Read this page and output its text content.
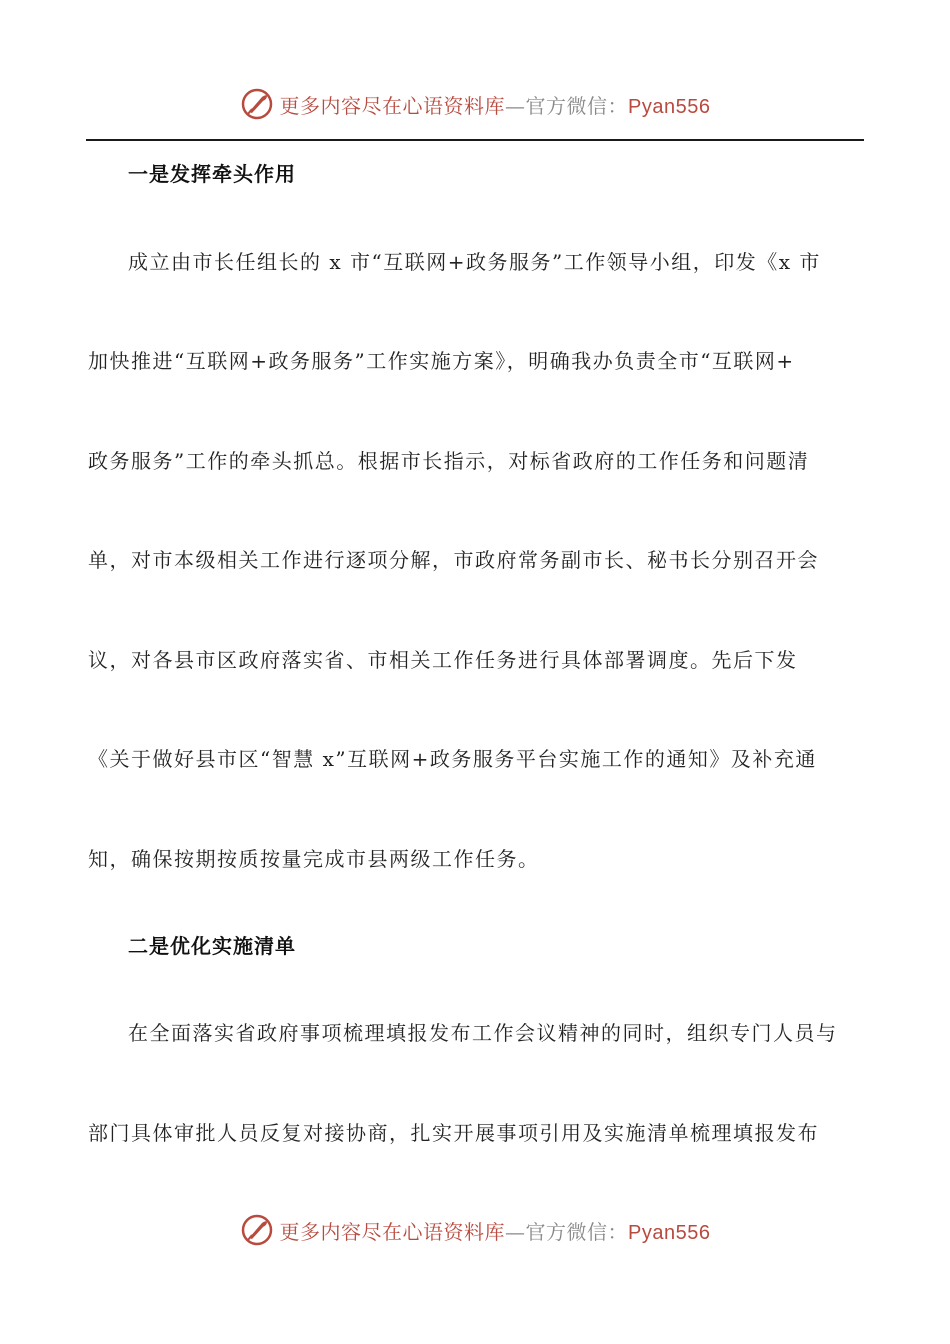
更多内容尽在心语资料库—官方微信：Pyan556
一是发挥牵头作用
成立由市长任组长的 x 市“互联网+政务服务”工作领导小组，印发《x 市
加快推进“互联网+政务服务”工作实施方案》，明确我办负责全市“互联网+
政务服务”工作的牵头抓总。根据市长指示，对标省政府的工作任务和问题清
单，对市本级相关工作进行逐项分解，市政府常务副市长、秘书长分别召开会
议，对各县市区政府落实省、市相关工作任务进行具体部署调度。先后下发
《关于做好县市区“智慧 x”互联网+政务服务平台实施工作的通知》及补充通
知，确保按期按质按量完成市县两级工作任务。
二是优化实施清单
在全面落实省政府事项梳理填报发布工作会议精神的同时，组织专门人员与
部门具体审批人员反复对接协商，扎实开展事项引用及实施清单梳理填报发布
更多内容尽在心语资料库—官方微信：Pyan556
